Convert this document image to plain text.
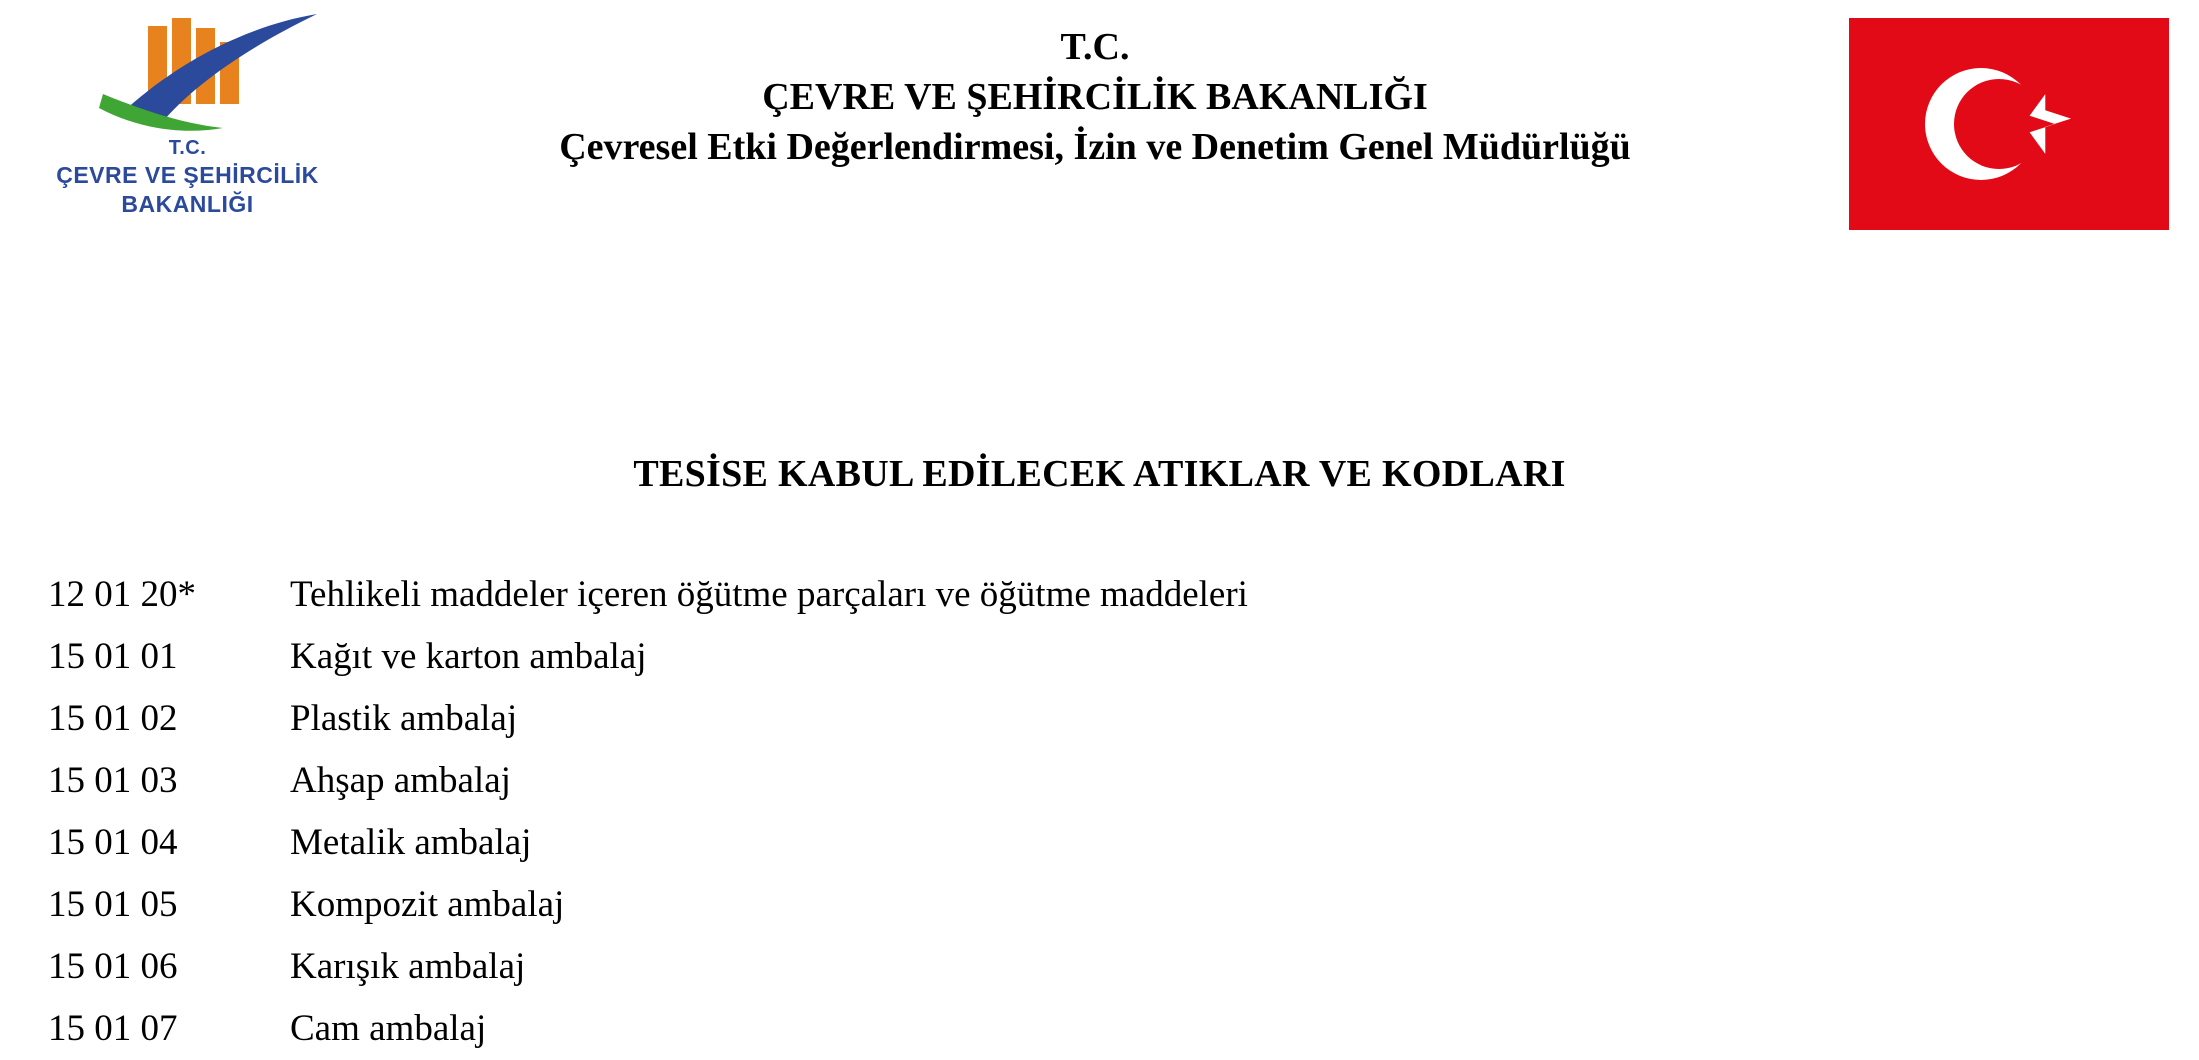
T.C.
ÇEVRE VE ŞEHİRCİLİK
BAKANLIĞI
T.C.
ÇEVRE VE ŞEHİRCİLİK BAKANLIĞI
Çevresel Etki Değerlendirmesi, İzin ve Denetim Genel Müdürlüğü
TESİSE KABUL EDİLECEK ATIKLAR VE KODLARI
12 01 20*	Tehlikeli maddeler içeren öğütme parçaları ve öğütme maddeleri
15 01 01	Kağıt ve karton ambalaj
15 01 02	Plastik ambalaj
15 01 03	Ahşap ambalaj
15 01 04	Metalik ambalaj
15 01 05	Kompozit ambalaj
15 01 06	Karışık ambalaj
15 01 07	Cam ambalaj
